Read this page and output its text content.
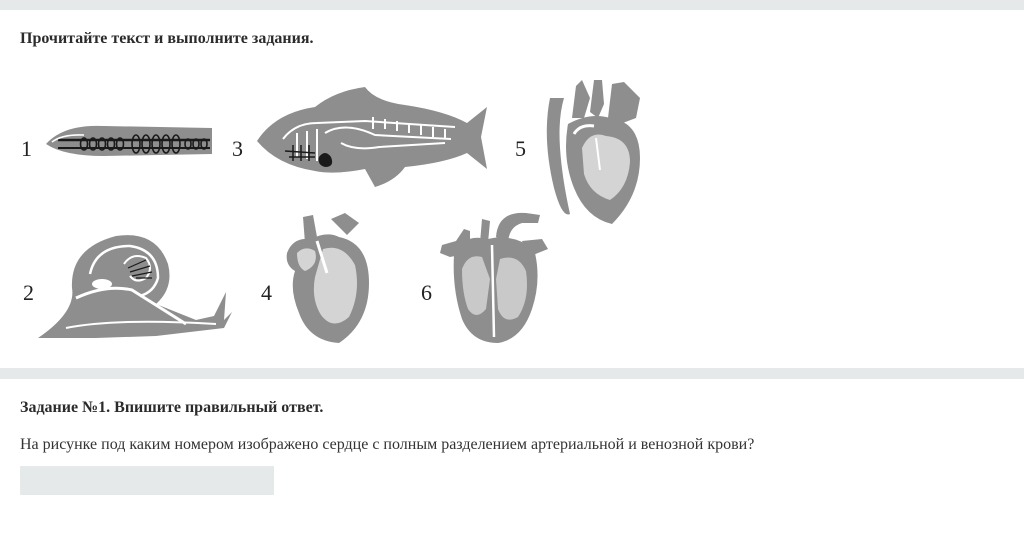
Прочитайте текст и выполните задания.
1	3	5
2	4	6
Задание №1. Впишите правильный ответ.
На рисунке под каким номером изображено сердце с полным разделением артериальной и венозной крови?
